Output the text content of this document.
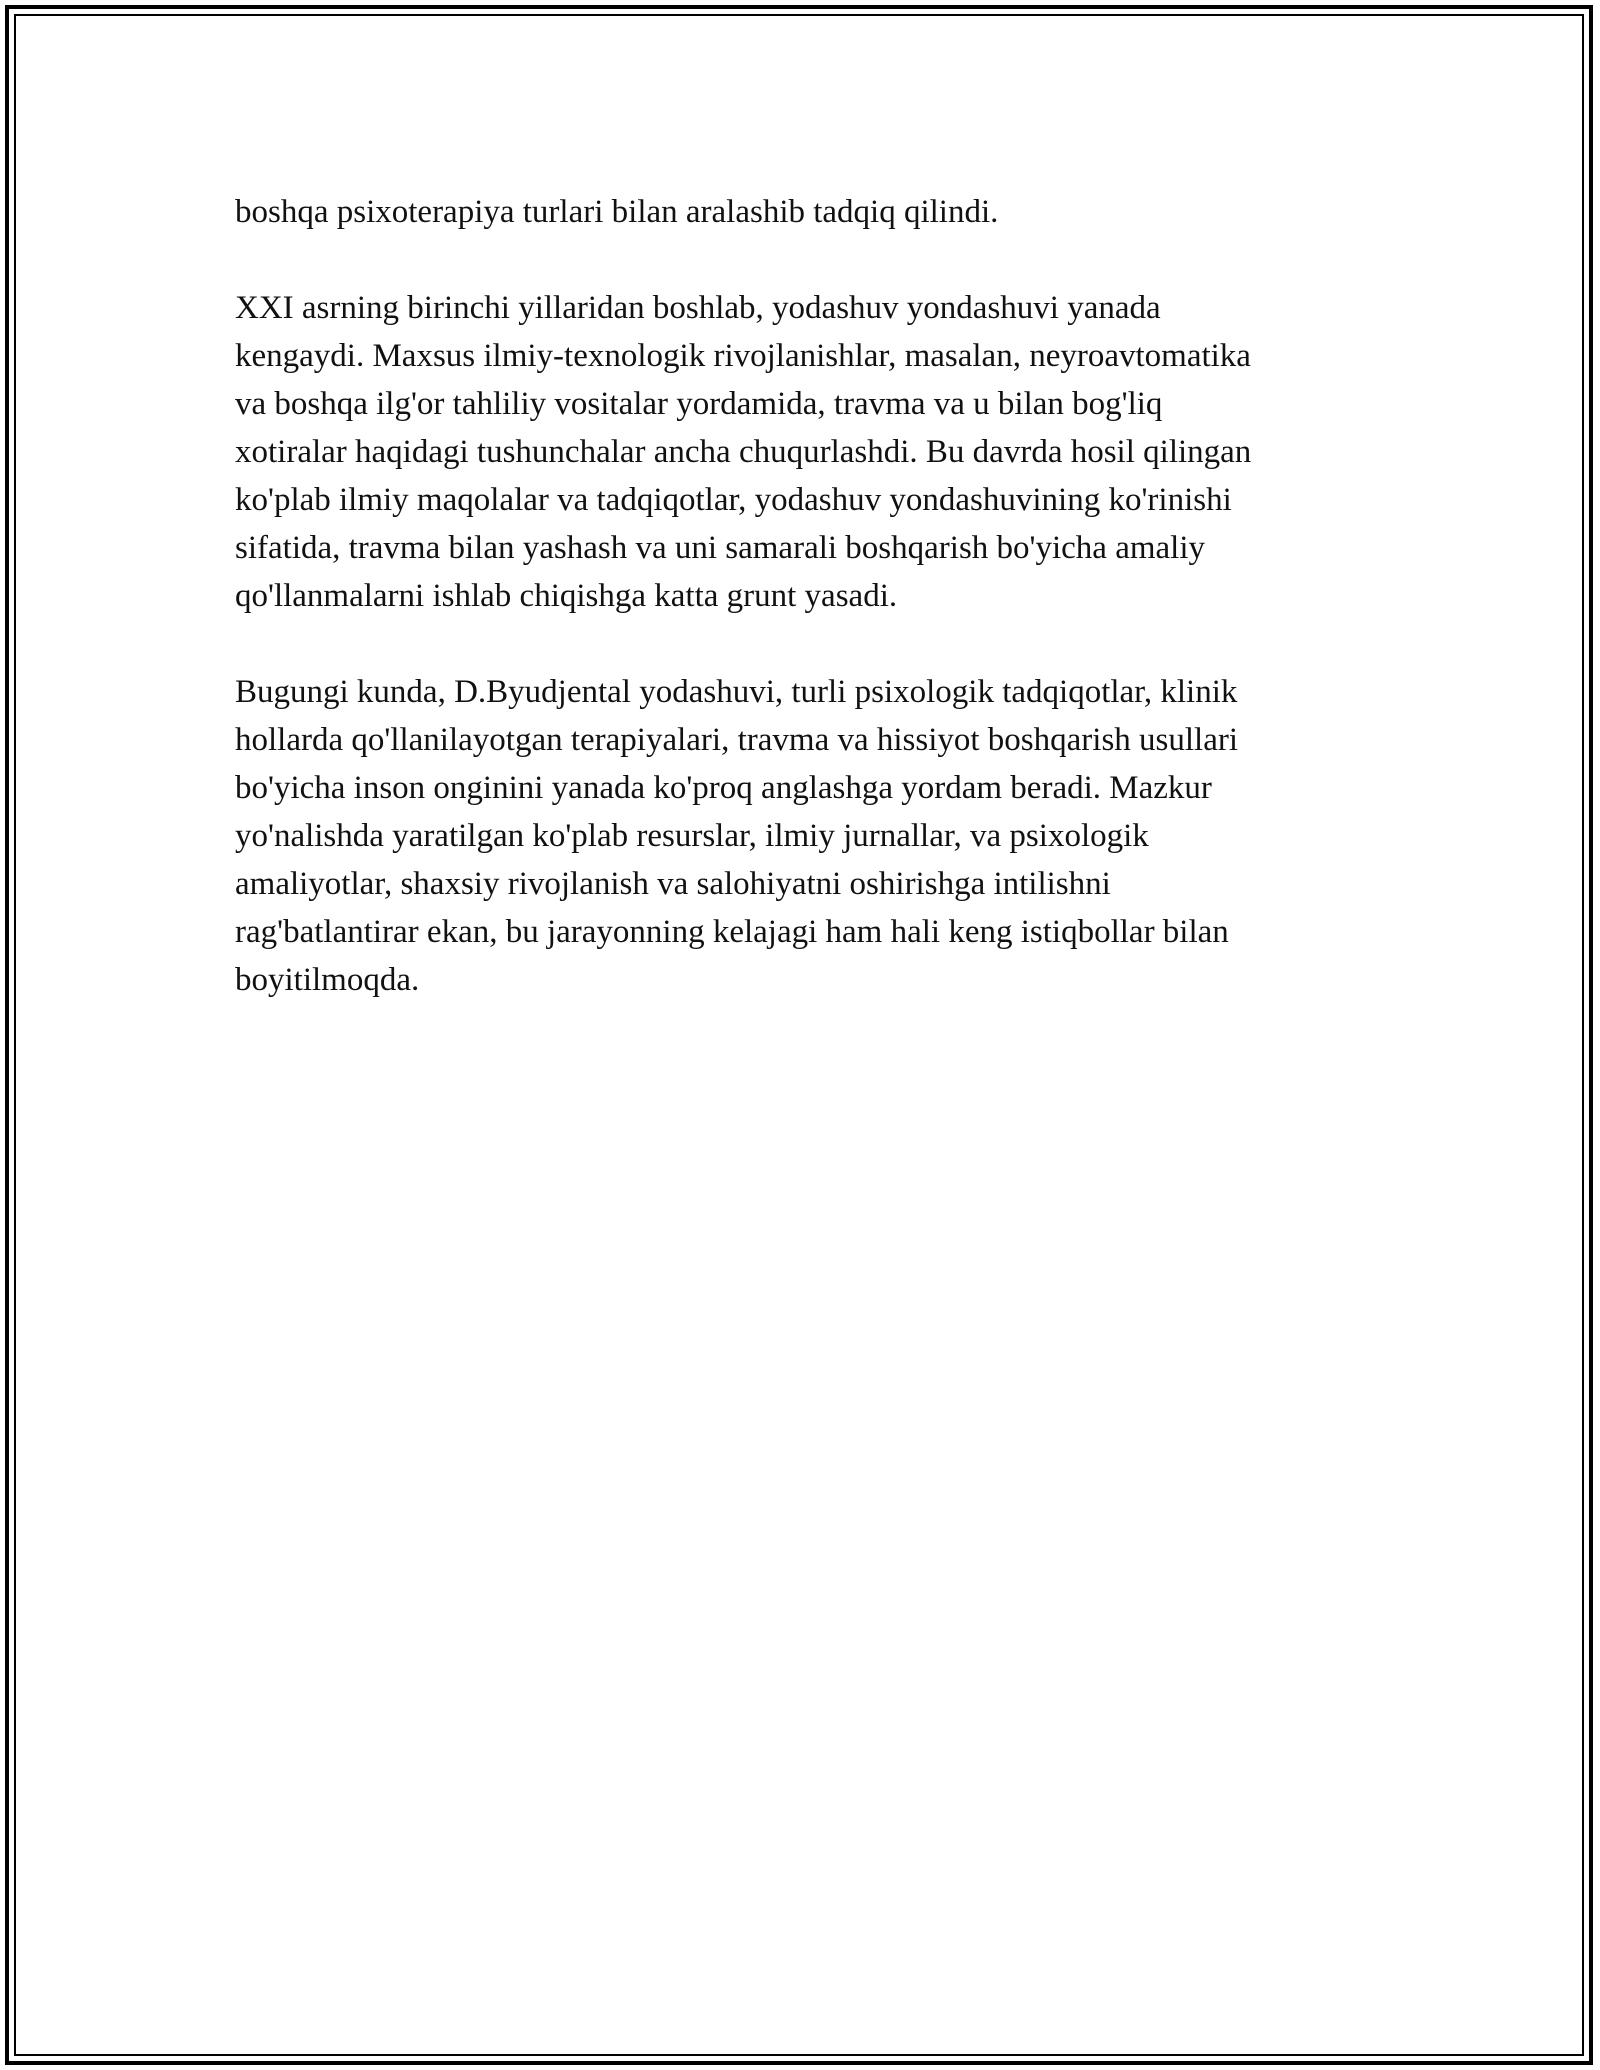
boshqa psixoterapiya turlari bilan aralashib tadqiq qilindi.

XXI asrning birinchi yillaridan boshlab, yodashuv yondashuvi yanada
kengaydi. Maxsus ilmiy-texnologik rivojlanishlar, masalan, neyroavtomatika
va boshqa ilg'or tahliliy vositalar yordamida, travma va u bilan bog'liq
xotiralar haqidagi tushunchalar ancha chuqurlashdi. Bu davrda hosil qilingan
ko'plab ilmiy maqolalar va tadqiqotlar, yodashuv yondashuvining ko'rinishi
sifatida, travma bilan yashash va uni samarali boshqarish bo'yicha amaliy
qo'llanmalarni ishlab chiqishga katta grunt yasadi.

Bugungi kunda, D.Byudjental yodashuvi, turli psixologik tadqiqotlar, klinik
hollarda qo'llanilayotgan terapiyalari, travma va hissiyot boshqarish usullari
bo'yicha inson onginini yanada ko'proq anglashga yordam beradi. Mazkur
yo'nalishda yaratilgan ko'plab resurslar, ilmiy jurnallar, va psixologik
amaliyotlar, shaxsiy rivojlanish va salohiyatni oshirishga intilishni
rag'batlantirar ekan, bu jarayonning kelajagi ham hali keng istiqbollar bilan
boyitilmoqda.
